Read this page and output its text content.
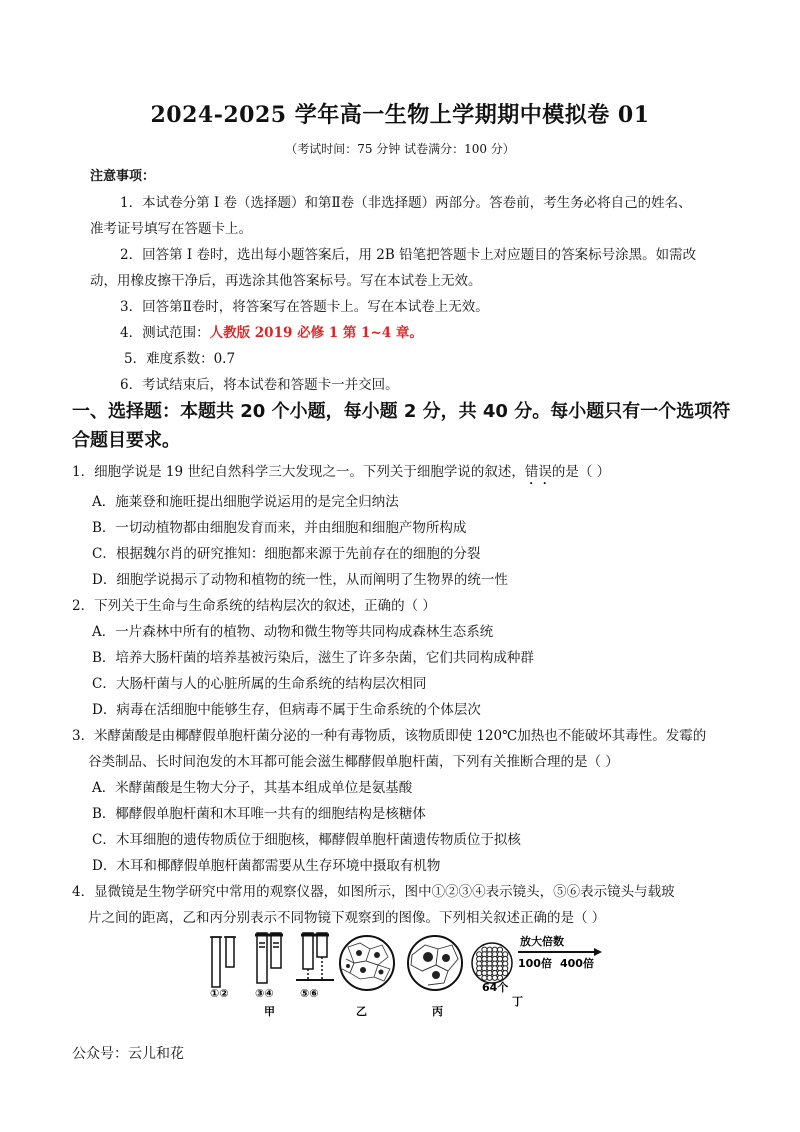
2024-2025 学年高一生物上学期期中模拟卷 01
（考试时间：75 分钟 试卷满分：100 分）
注意事项：
1．本试卷分第 I 卷（选择题）和第Ⅱ卷（非选择题）两部分。答卷前，考生务必将自己的姓名、
准考证号填写在答题卡上。
2．回答第 I 卷时，选出每小题答案后，用 2B 铅笔把答题卡上对应题目的答案标号涂黑。如需改
动，用橡皮擦干净后，再选涂其他答案标号。写在本试卷上无效。
3．回答第Ⅱ卷时，将答案写在答题卡上。写在本试卷上无效。
4．测试范围：人教版 2019 必修 1 第 1~4 章。
5．难度系数：0.7
6．考试结束后，将本试卷和答题卡一并交回。
一、选择题：本题共 20 个小题，每小题 2 分，共 40 分。每小题只有一个选项符
合题目要求。
1．细胞学说是 19 世纪自然科学三大发现之一。下列关于细胞学说的叙述，错误的是（ ）
A．施莱登和施旺提出细胞学说运用的是完全归纳法
B．一切动植物都由细胞发育而来，并由细胞和细胞产物所构成
C．根据魏尔肖的研究推知：细胞都来源于先前存在的细胞的分裂
D．细胞学说揭示了动物和植物的统一性，从而阐明了生物界的统一性
2．下列关于生命与生命系统的结构层次的叙述，正确的（ ）
A．一片森林中所有的植物、动物和微生物等共同构成森林生态系统
B．培养大肠杆菌的培养基被污染后，滋生了许多杂菌，它们共同构成种群
C．大肠杆菌与人的心脏所属的生命系统的结构层次相同
D．病毒在活细胞中能够生存，但病毒不属于生命系统的个体层次
3．米酵菌酸是由椰酵假单胞杆菌分泌的一种有毒物质，该物质即使 120℃加热也不能破坏其毒性。发霉的
谷类制品、长时间泡发的木耳都可能会滋生椰酵假单胞杆菌，下列有关推断合理的是（ ）
A．米酵菌酸是生物大分子，其基本组成单位是氨基酸
B．椰酵假单胞杆菌和木耳唯一共有的细胞结构是核糖体
C．木耳细胞的遗传物质位于细胞核，椰酵假单胞杆菌遗传物质位于拟核
D．木耳和椰酵假单胞杆菌都需要从生存环境中摄取有机物
4．显微镜是生物学研究中常用的观察仪器，如图所示，图中①②③④表示镜头，⑤⑥表示镜头与载玻
片之间的距离，乙和丙分别表示不同物镜下观察到的图像。下列相关叙述正确的是（ ）
①② ③④ ⑤⑥
甲	乙	丙
64个
丁
放大倍数
100倍 400倍
公众号：云儿和花
